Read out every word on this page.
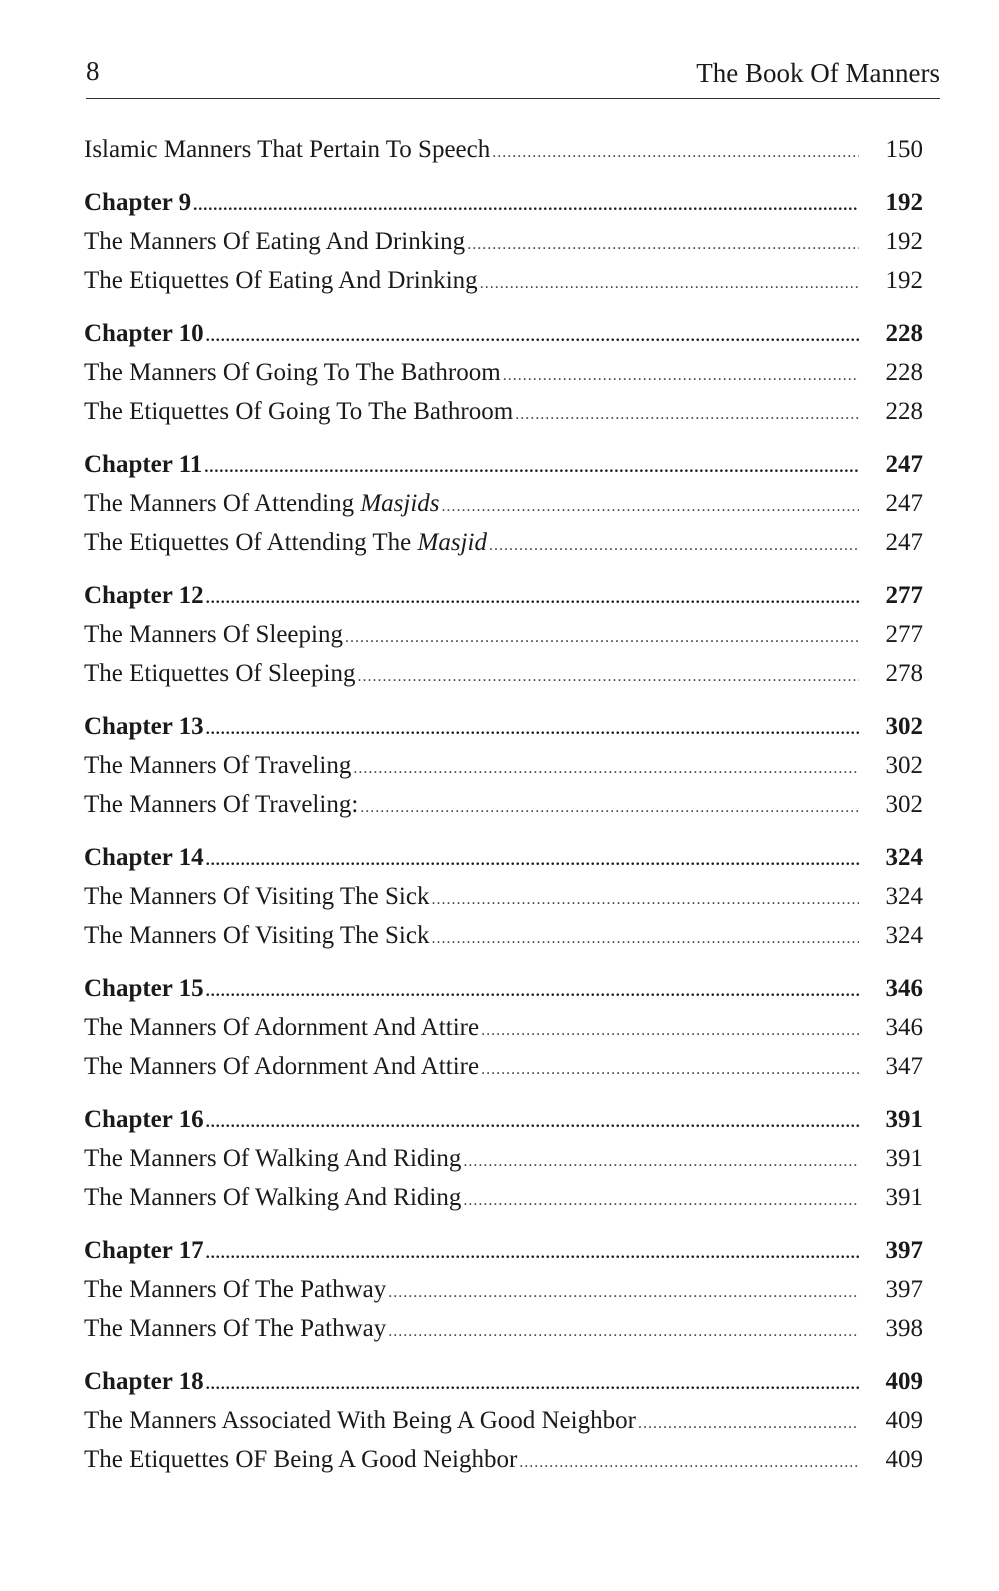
8	The Book Of Manners
Islamic Manners That Pertain To Speech .....	150
Chapter 9 .....	192
The Manners Of Eating And Drinking .....	192
The Etiquettes Of Eating And Drinking .....	192
Chapter 10 .....	228
The Manners Of Going To The Bathroom .....	228
The Etiquettes Of Going To The Bathroom .....	228
Chapter 11 .....	247
The Manners Of Attending Masjids .....	247
The Etiquettes Of Attending The Masjid .....	247
Chapter 12 .....	277
The Manners Of Sleeping .....	277
The Etiquettes Of Sleeping .....	278
Chapter 13 .....	302
The Manners Of Traveling .....	302
The Manners Of Traveling: .....	302
Chapter 14 .....	324
The Manners Of Visiting The Sick .....	324
The Manners Of Visiting The Sick .....	324
Chapter 15 .....	346
The Manners Of Adornment And Attire .....	346
The Manners Of Adornment And Attire .....	347
Chapter 16 .....	391
The Manners Of Walking And Riding .....	391
The Manners Of Walking And Riding .....	391
Chapter 17 .....	397
The Manners Of The Pathway .....	397
The Manners Of The Pathway .....	398
Chapter 18 .....	409
The Manners Associated With Being A Good Neighbor .....	409
The Etiquettes OF Being A Good Neighbor .....	409
